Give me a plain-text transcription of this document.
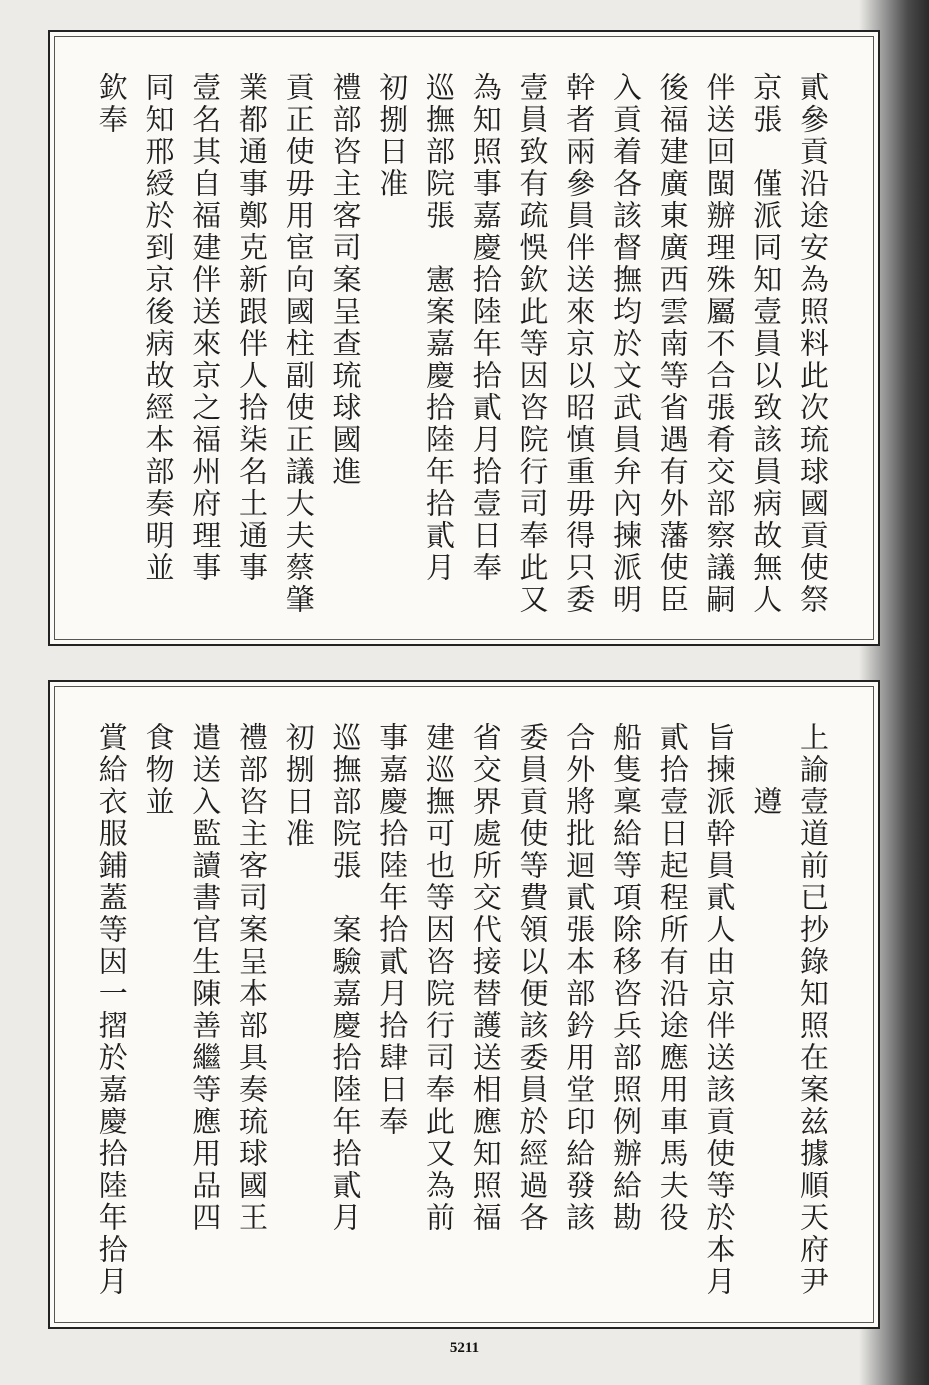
貳參貢沿途安為照料此次琉球國貢使祭
京張　僅派同知壹員以致該員病故無人
伴送回閩辦理殊屬不合張肴交部察議嗣
後福建廣東廣西雲南等省遇有外藩使臣
入貢着各該督撫均於文武員弁內揀派明
幹者兩參員伴送來京以昭慎重毋得只委
壹員致有疏悞欽此等因咨院行司奉此又
為知照事嘉慶拾陸年拾貳月拾壹日奉
巡撫部院張　憲案嘉慶拾陸年拾貳月
初捌日准
禮部咨主客司案呈查琉球國進
貢正使毋用宦向國柱副使正議大夫蔡肇
業都通事鄭克新跟伴人拾柒名土通事
壹名其自福建伴送來京之福州府理事
同知邢綬於到京後病故經本部奏明並
欽奉
上諭壹道前已抄錄知照在案兹據順天府尹
　　遵
旨揀派幹員貳人由京伴送該貢使等於本月
貳拾壹日起程所有沿途應用車馬夫役
船隻稟給等項除移咨兵部照例辦給勘
合外將批迴貳張本部鈐用堂印給發該
委員貢使等費領以便該委員於經過各
省交界處所交代接替護送相應知照福
建巡撫可也等因咨院行司奉此又為前
事嘉慶拾陸年拾貳月拾肆日奉
巡撫部院張　案驗嘉慶拾陸年拾貳月
初捌日准
禮部咨主客司案呈本部具奏琉球國王
遣送入監讀書官生陳善繼等應用品四
食物並
賞給衣服鋪蓋等因一摺於嘉慶拾陸年拾月
5211
